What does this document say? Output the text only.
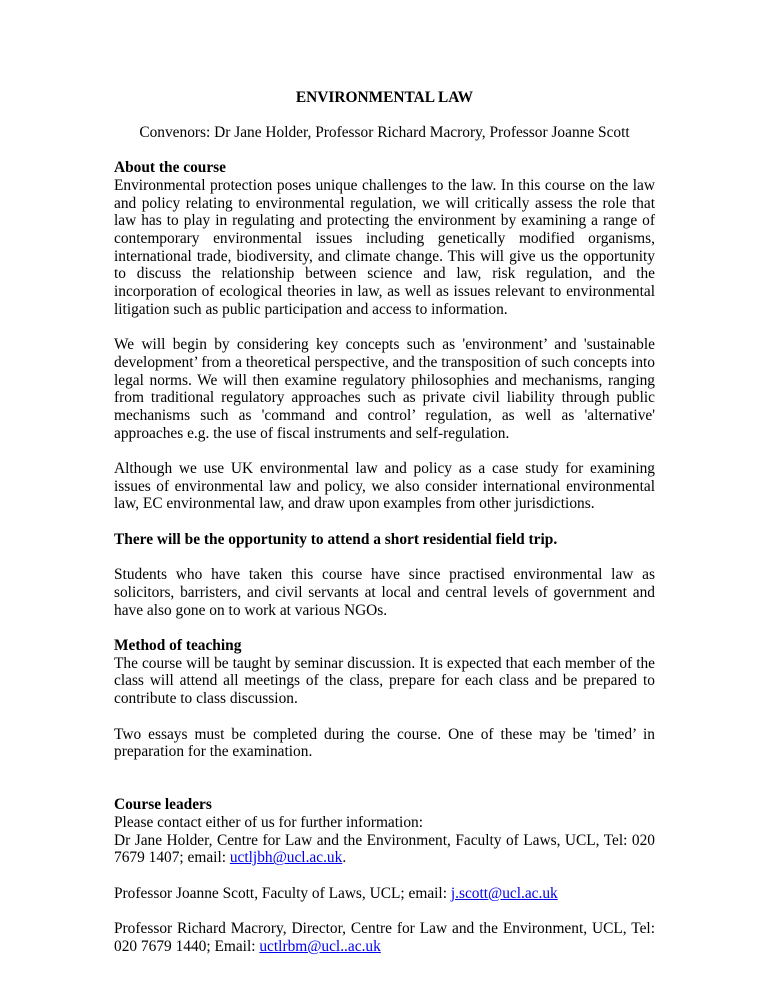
ENVIRONMENTAL LAW

Convenors: Dr Jane Holder, Professor Richard Macrory, Professor Joanne Scott

About the course

Environmental protection poses unique challenges to the law. In this course on the law and policy relating to environmental regulation, we will critically assess the role that law has to play in regulating and protecting the environment by examining a range of contemporary environmental issues including genetically modified organisms, international trade, biodiversity, and climate change. This will give us the opportunity to discuss the relationship between science and law, risk regulation, and the incorporation of ecological theories in law, as well as issues relevant to environmental litigation such as public participation and access to information.

We will begin by considering key concepts such as 'environment’ and 'sustainable development’ from a theoretical perspective, and the transposition of such concepts into legal norms. We will then examine regulatory philosophies and mechanisms, ranging from traditional regulatory approaches such as private civil liability through public mechanisms such as 'command and control’ regulation, as well as 'alternative' approaches e.g. the use of fiscal instruments and self-regulation.

Although we use UK environmental law and policy as a case study for examining issues of environmental law and policy, we also consider international environmental law, EC environmental law, and draw upon examples from other jurisdictions.

There will be the opportunity to attend a short residential field trip.

Students who have taken this course have since practised environmental law as solicitors, barristers, and civil servants at local and central levels of government and have also gone on to work at various NGOs.

Method of teaching

The course will be taught by seminar discussion. It is expected that each member of the class will attend all meetings of the class, prepare for each class and be prepared to contribute to class discussion.

Two essays must be completed during the course. One of these may be 'timed’ in preparation for the examination.

Course leaders

Please contact either of us for further information:

Dr Jane Holder, Centre for Law and the Environment, Faculty of Laws, UCL, Tel: 020 7679 1407; email: uctljbh@ucl.ac.uk.

Professor Joanne Scott, Faculty of Laws, UCL; email: j.scott@ucl.ac.uk

Professor Richard Macrory, Director, Centre for Law and the Environment, UCL, Tel: 020 7679 1440; Email: uctlrbm@ucl..ac.uk
